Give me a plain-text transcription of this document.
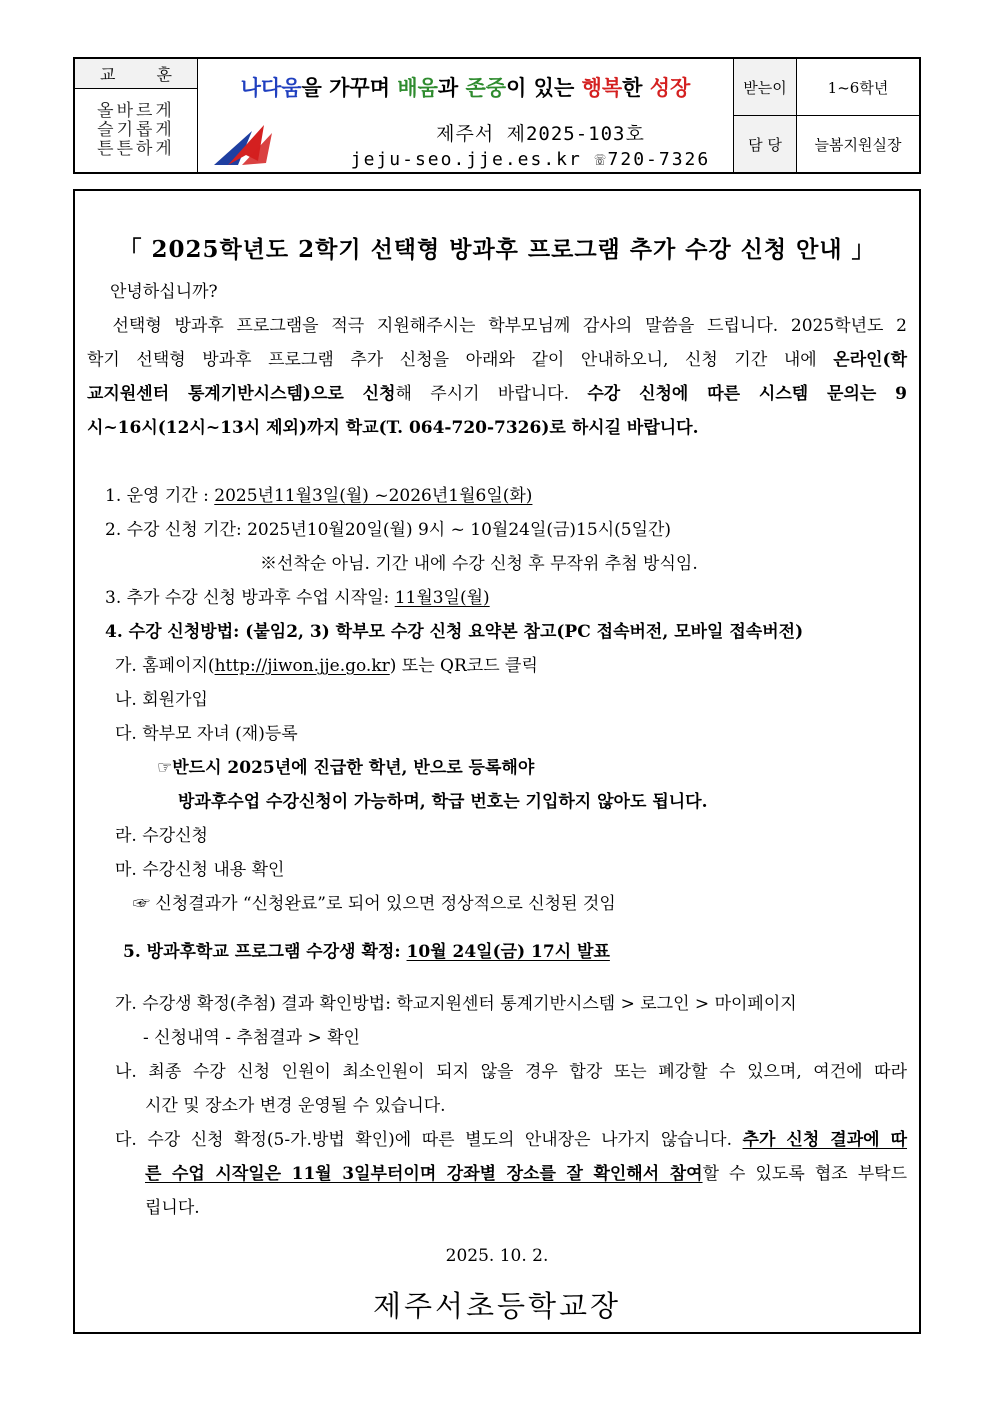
교 훈
올바르게
슬기롭게
튼튼하게
나다움을 가꾸며 배움과 존중이 있는 행복한 성장
제주서 제2025-103호
jeju-seo.jje.es.kr ☏720-7326
받는이	1~6학년
담 당	늘봄지원실장
「 2025학년도 2학기 선택형 방과후 프로그램 추가 수강 신청 안내 」
안녕하십니까?
선택형 방과후 프로그램을 적극 지원해주시는 학부모님께 감사의 말씀을 드립니다. 2025학년도 2
학기 선택형 방과후 프로그램 추가 신청을 아래와 같이 안내하오니, 신청 기간 내에 온라인(학
교지원센터 통계기반시스템)으로 신청해 주시기 바랍니다. 수강 신청에 따른 시스템 문의는 9
시~16시(12시~13시 제외)까지 학교(T. 064-720-7326)로 하시길 바랍니다.
1. 운영 기간 : 2025년11월3일(월) ~2026년1월6일(화)
2. 수강 신청 기간: 2025년10월20일(월) 9시 ~ 10월24일(금)15시(5일간)
※선착순 아님. 기간 내에 수강 신청 후 무작위 추첨 방식임.
3. 추가 수강 신청 방과후 수업 시작일: 11월3일(월)
4. 수강 신청방법: (붙임2, 3) 학부모 수강 신청 요약본 참고(PC 접속버전, 모바일 접속버전)
가. 홈페이지(http://jiwon.jje.go.kr) 또는 QR코드 클릭
나. 회원가입
다. 학부모 자녀 (재)등록
☞반드시 2025년에 진급한 학년, 반으로 등록해야
방과후수업 수강신청이 가능하며, 학급 번호는 기입하지 않아도 됩니다.
라. 수강신청
마. 수강신청 내용 확인
☞ 신청결과가 “신청완료”로 되어 있으면 정상적으로 신청된 것임
5. 방과후학교 프로그램 수강생 확정: 10월 24일(금) 17시 발표
가. 수강생 확정(추첨) 결과 확인방법: 학교지원센터 통계기반시스템 > 로그인 > 마이페이지
- 신청내역 - 추첨결과 > 확인
나. 최종 수강 신청 인원이 최소인원이 되지 않을 경우 합강 또는 폐강할 수 있으며, 여건에 따라
시간 및 장소가 변경 운영될 수 있습니다.
다. 수강 신청 확정(5-가.방법 확인)에 따른 별도의 안내장은 나가지 않습니다. 추가 신청 결과에 따
른 수업 시작일은 11월 3일부터이며 강좌별 장소를 잘 확인해서 참여할 수 있도록 협조 부탁드
립니다.
2025. 10. 2.
제주서초등학교장
